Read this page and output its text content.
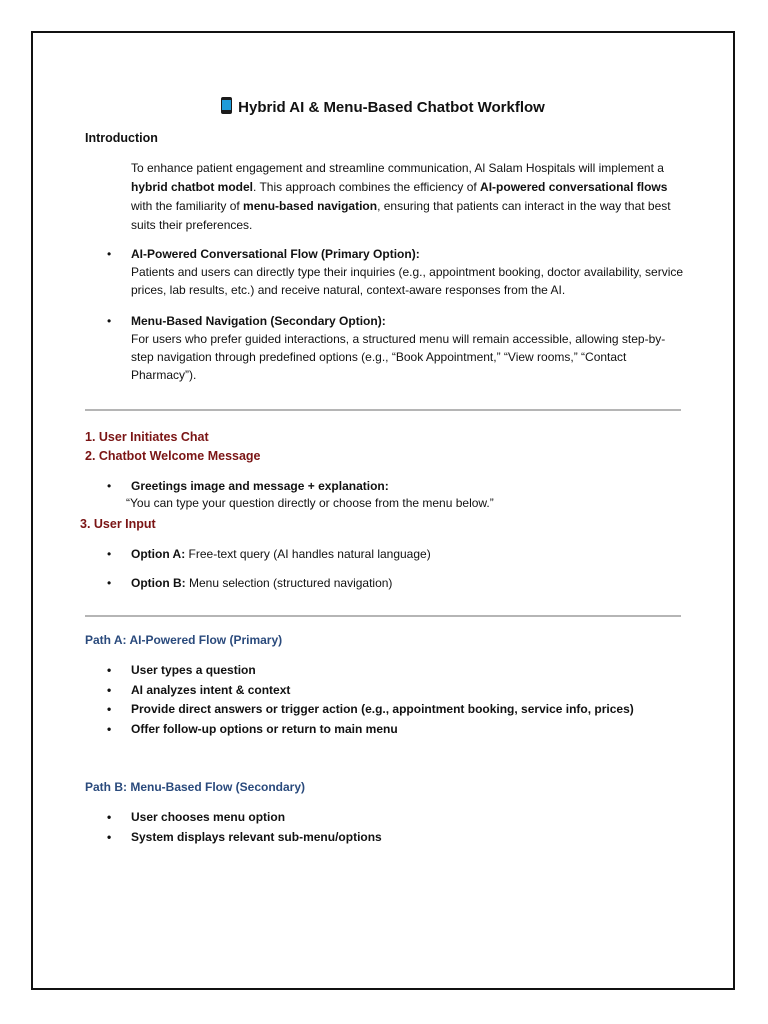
Hybrid AI & Menu-Based Chatbot Workflow
Introduction
To enhance patient engagement and streamline communication, Al Salam Hospitals will implement a hybrid chatbot model. This approach combines the efficiency of AI-powered conversational flows with the familiarity of menu-based navigation, ensuring that patients can interact in the way that best suits their preferences.
• AI-Powered Conversational Flow (Primary Option):
Patients and users can directly type their inquiries (e.g., appointment booking, doctor availability, service prices, lab results, etc.) and receive natural, context-aware responses from the AI.
• Menu-Based Navigation (Secondary Option):
For users who prefer guided interactions, a structured menu will remain accessible, allowing step-by-step navigation through predefined options (e.g., “Book Appointment,” “View rooms,” “Contact Pharmacy”).
1. User Initiates Chat
2. Chatbot Welcome Message
• Greetings image and message + explanation:
“You can type your question directly or choose from the menu below.”
3. User Input
• Option A: Free-text query (AI handles natural language)
• Option B: Menu selection (structured navigation)
Path A: AI-Powered Flow (Primary)
• User types a question
• AI analyzes intent & context
• Provide direct answers or trigger action (e.g., appointment booking, service info, prices)
• Offer follow-up options or return to main menu
Path B: Menu-Based Flow (Secondary)
• User chooses menu option
• System displays relevant sub-menu/options
